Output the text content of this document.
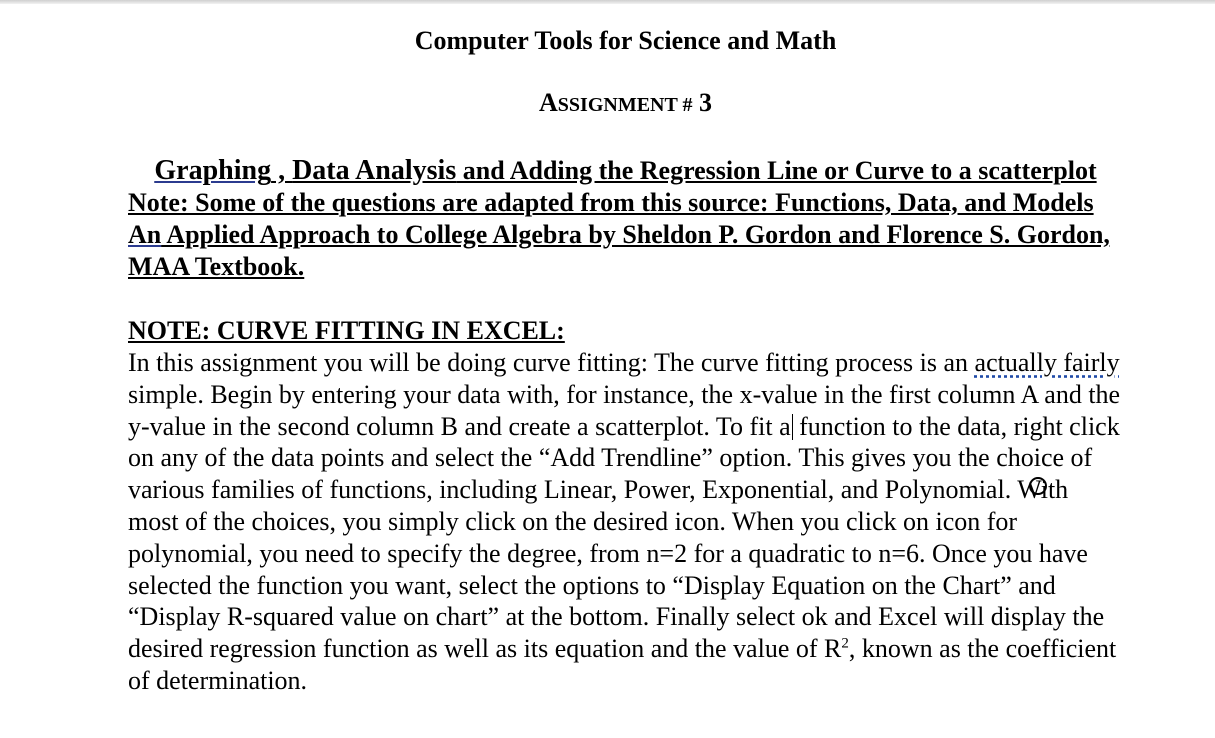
Computer Tools for Science and Math

ASSIGNMENT # 3
Graphing , Data Analysis and Adding the Regression Line or Curve to a scatterplot
Note: Some of the questions are adapted from this source: Functions, Data, and Models An Applied Approach to College Algebra by Sheldon P. Gordon and Florence S. Gordon, MAA Textbook.
NOTE: CURVE FITTING IN EXCEL:
In this assignment you will be doing curve fitting: The curve fitting process is an actually fairly simple. Begin by entering your data with, for instance, the x-value in the first column A and the y-value in the second column B and create a scatterplot. To fit a function to the data, right click on any of the data points and select the “Add Trendline” option. This gives you the choice of various families of functions, including Linear, Power, Exponential, and Polynomial. With most of the choices, you simply click on the desired icon. When you click on icon for polynomial, you need to specify the degree, from n=2 for a quadratic to n=6. Once you have selected the function you want, select the options to “Display Equation on the Chart” and “Display R-squared value on chart” at the bottom. Finally select ok and Excel will display the desired regression function as well as its equation and the value of $R^2$, known as the coefficient of determination.
